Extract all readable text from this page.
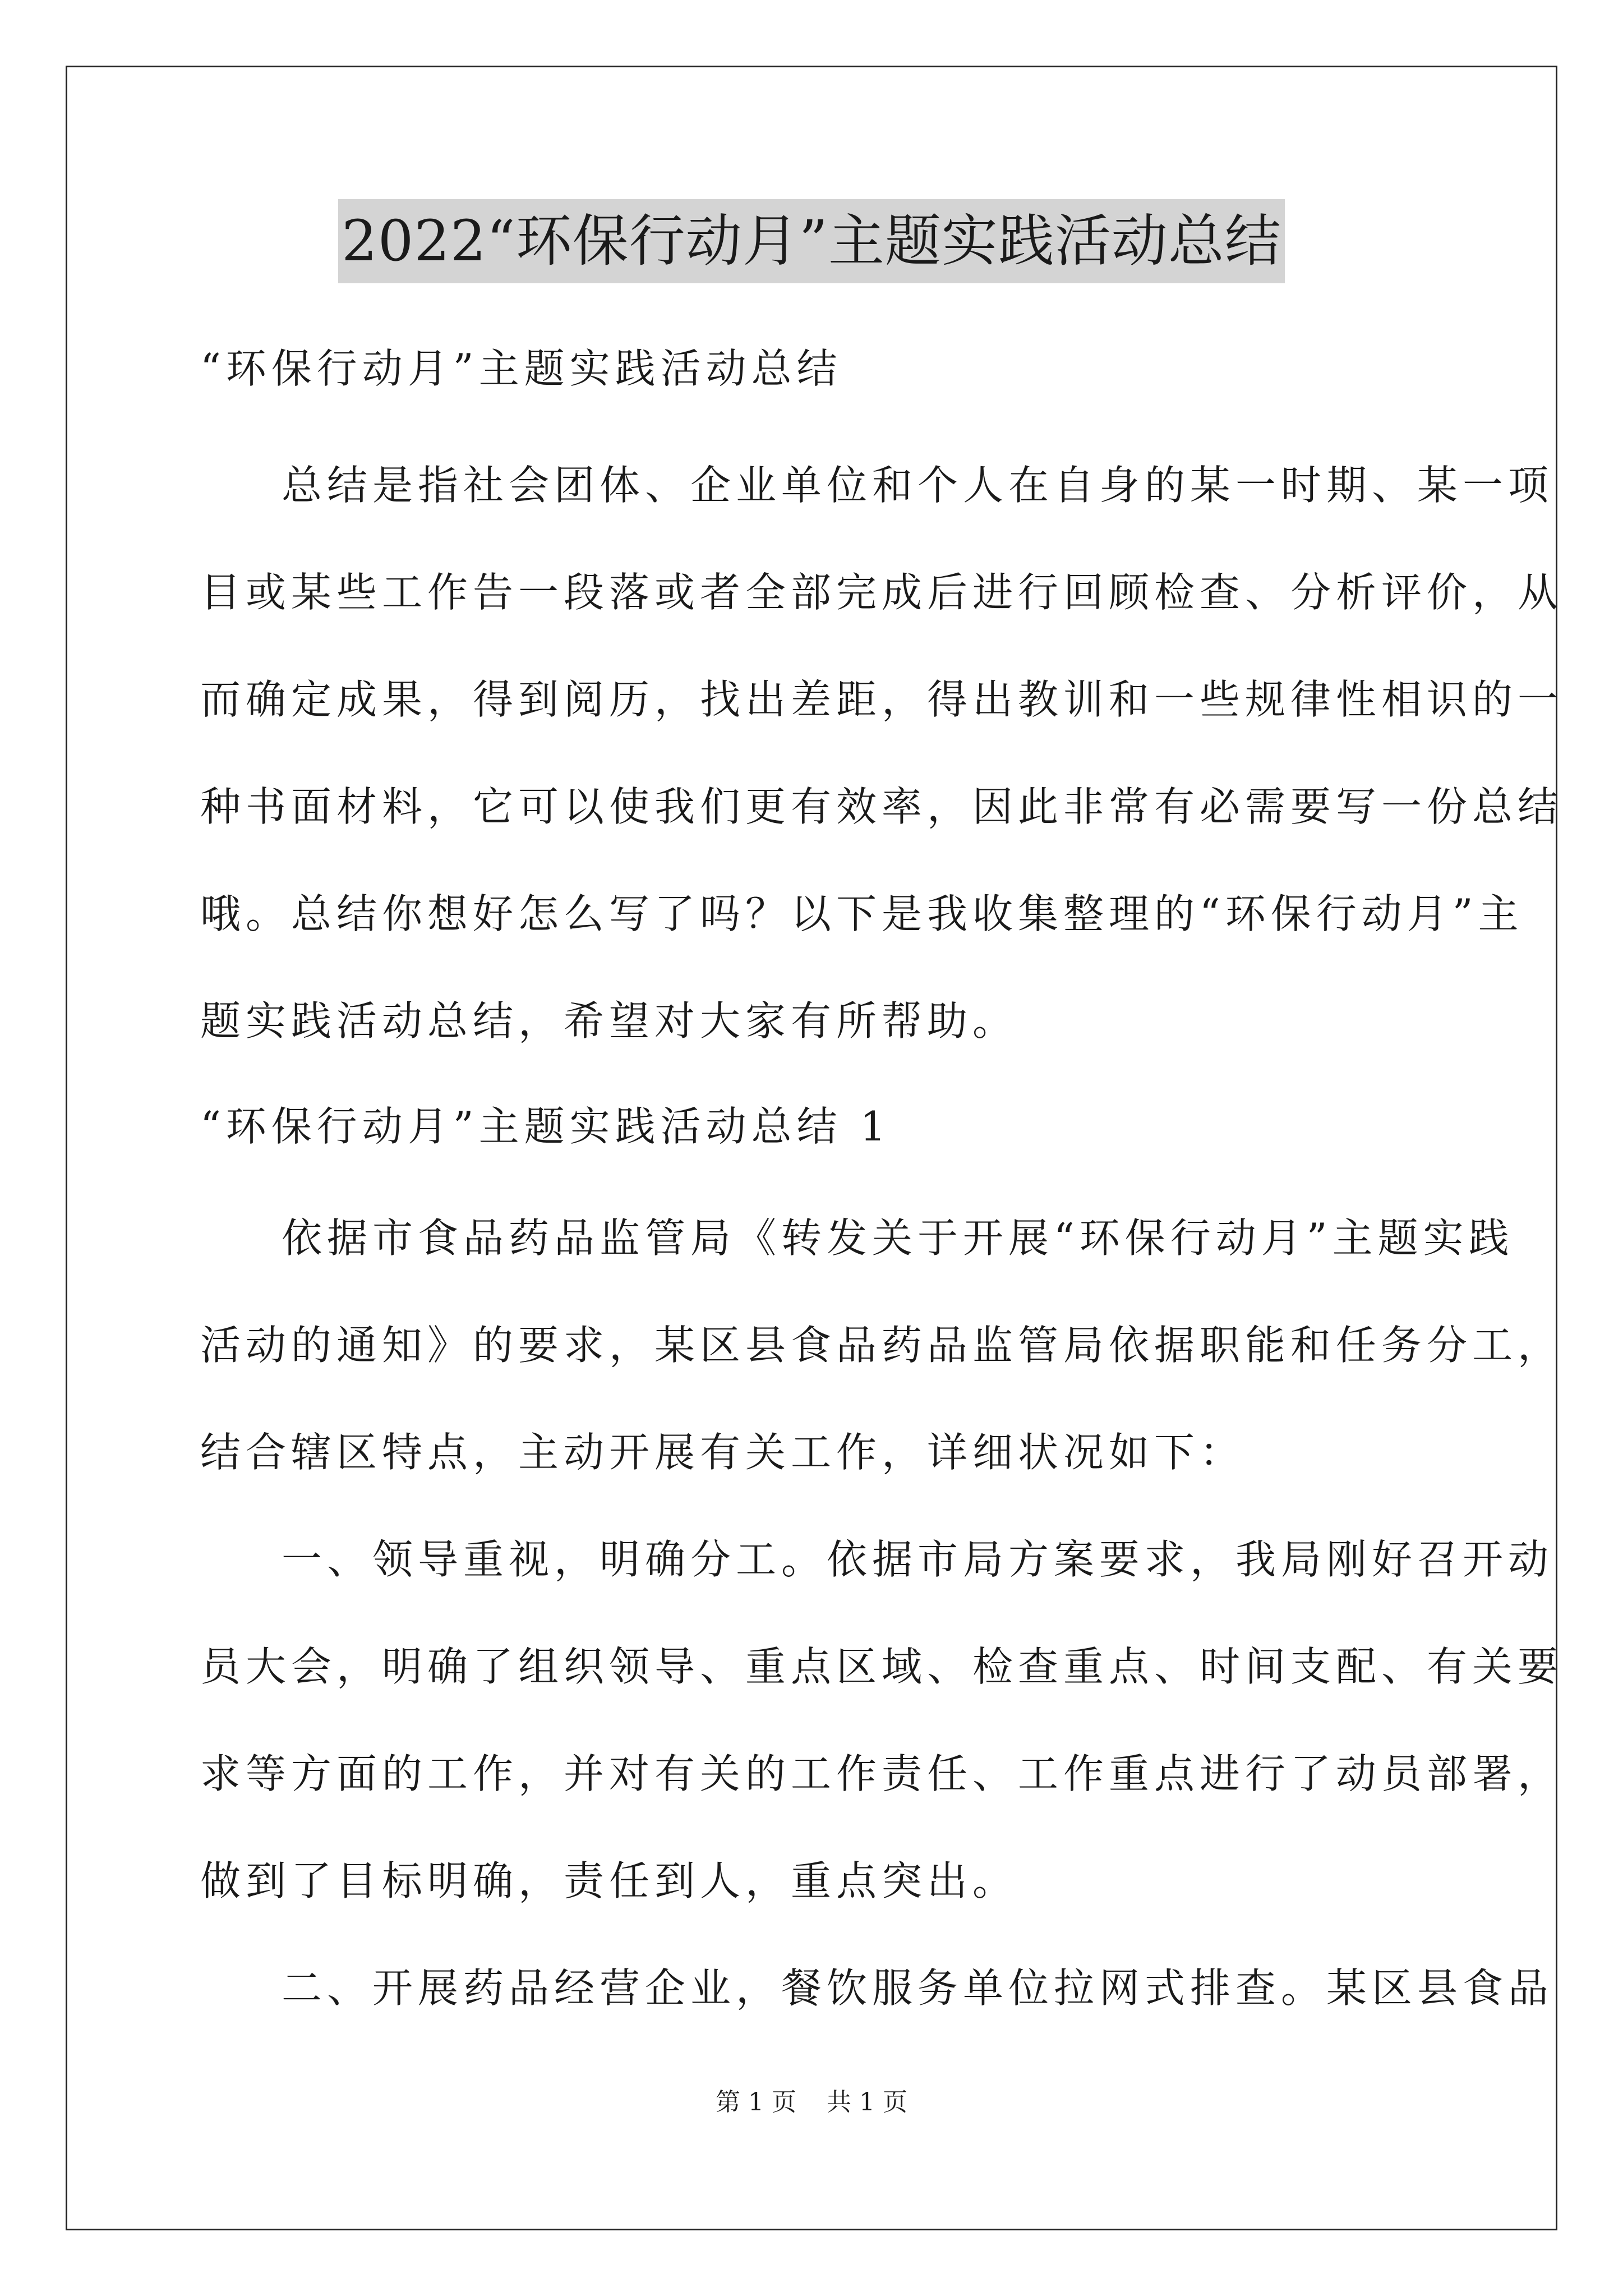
2022“环保行动月”主题实践活动总结
“环保行动月”主题实践活动总结
总结是指社会团体、企业单位和个人在自身的某一时期、某一项
目或某些工作告一段落或者全部完成后进行回顾检查、分析评价，从
而确定成果，得到阅历，找出差距，得出教训和一些规律性相识的一
种书面材料，它可以使我们更有效率，因此非常有必需要写一份总结
哦。总结你想好怎么写了吗？以下是我收集整理的“环保行动月”主
题实践活动总结，希望对大家有所帮助。
“环保行动月”主题实践活动总结 1
依据市食品药品监管局《转发关于开展“环保行动月”主题实践
活动的通知》的要求，某区县食品药品监管局依据职能和任务分工，
结合辖区特点，主动开展有关工作，详细状况如下：
一、领导重视，明确分工。依据市局方案要求，我局刚好召开动
员大会，明确了组织领导、重点区域、检查重点、时间支配、有关要
求等方面的工作，并对有关的工作责任、工作重点进行了动员部署，
做到了目标明确，责任到人，重点突出。
二、开展药品经营企业，餐饮服务单位拉网式排查。某区县食品
第 1 页 共 1 页
